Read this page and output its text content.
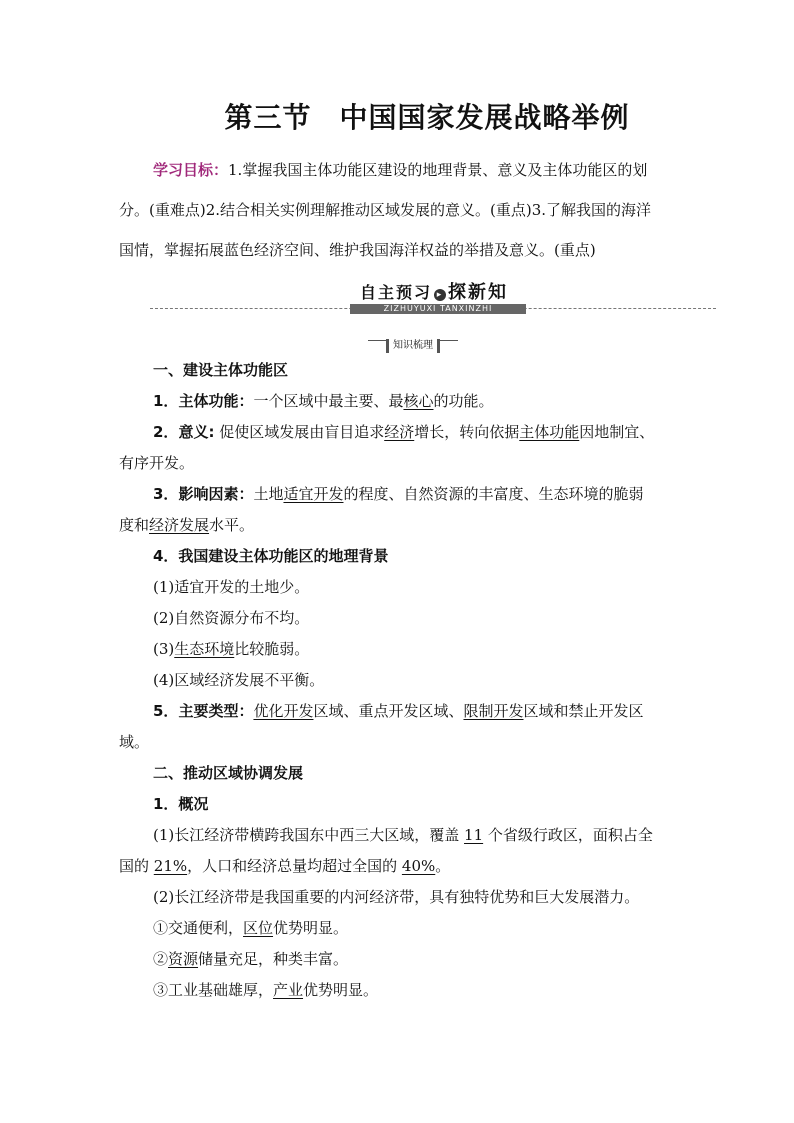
第三节 中国国家发展战略举例

学习目标：1.掌握我国主体功能区建设的地理背景、意义及主体功能区的划

分。(重难点)2.结合相关实例理解推动区域发展的意义。(重点)3.了解我国的海洋

国情，掌握拓展蓝色经济空间、维护我国海洋权益的举措及意义。(重点)

自主预习 ▸ 探新知
ZIZHUYUXI TANXINZHI
知识梳理

一、建设主体功能区

1．主体功能：一个区域中最主要、最核心的功能。

2．意义: 促使区域发展由盲目追求经济增长，转向依据主体功能因地制宜、

有序开发。

3．影响因素：土地适宜开发的程度、自然资源的丰富度、生态环境的脆弱

度和经济发展水平。

4．我国建设主体功能区的地理背景

(1)适宜开发的土地少。

(2)自然资源分布不均。

(3)生态环境比较脆弱。

(4)区域经济发展不平衡。

5．主要类型：优化开发区域、重点开发区域、限制开发区域和禁止开发区

域。

二、推动区域协调发展

1．概况

(1)长江经济带横跨我国东中西三大区域，覆盖 11 个省级行政区，面积占全

国的 21%，人口和经济总量均超过全国的 40%。

(2)长江经济带是我国重要的内河经济带，具有独特优势和巨大发展潜力。

①交通便利，区位优势明显。

②资源储量充足，种类丰富。

③工业基础雄厚，产业优势明显。
